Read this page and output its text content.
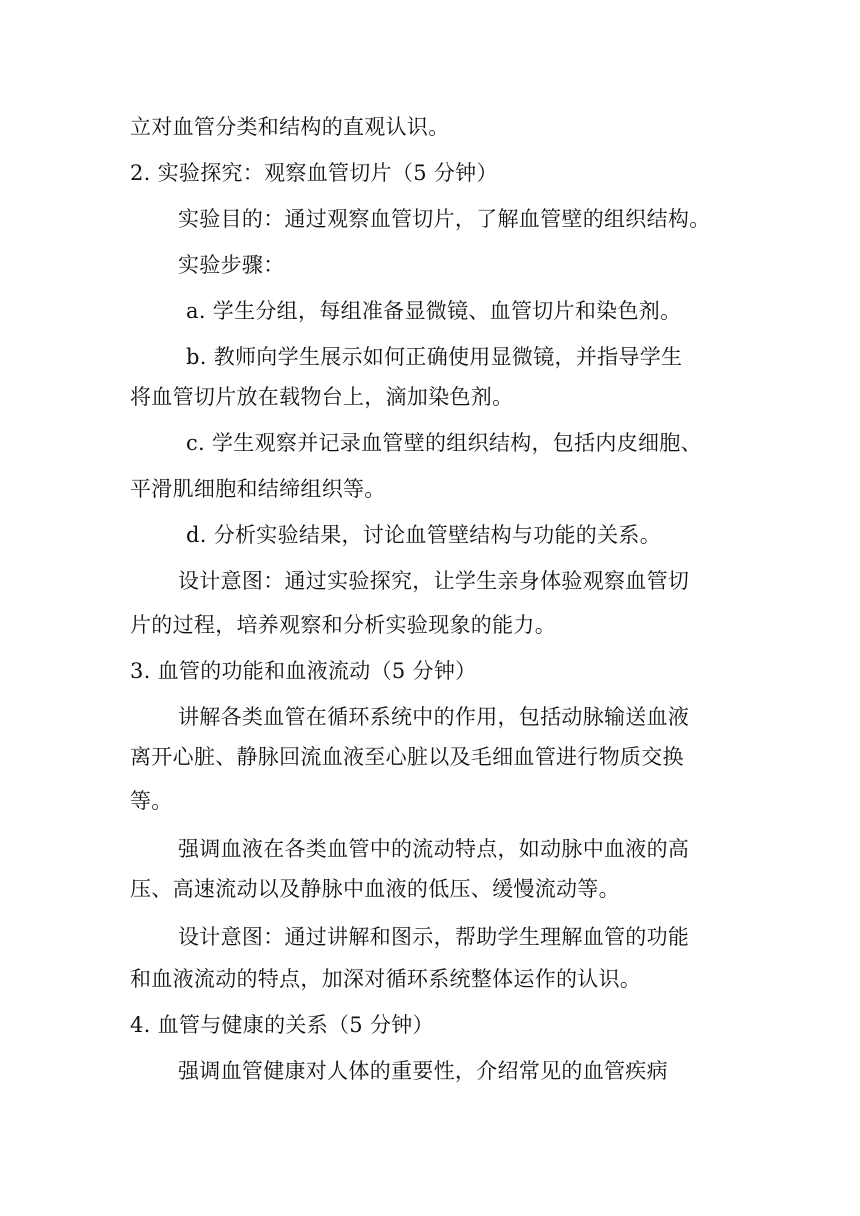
立对血管分类和结构的直观认识。
2. 实验探究：观察血管切片（5 分钟）
实验目的：通过观察血管切片，了解血管壁的组织结构。
实验步骤：
a. 学生分组，每组准备显微镜、血管切片和染色剂。
b. 教师向学生展示如何正确使用显微镜，并指导学生
将血管切片放在载物台上，滴加染色剂。
c. 学生观察并记录血管壁的组织结构，包括内皮细胞、
平滑肌细胞和结缔组织等。
d. 分析实验结果，讨论血管壁结构与功能的关系。
设计意图：通过实验探究，让学生亲身体验观察血管切
片的过程，培养观察和分析实验现象的能力。
3. 血管的功能和血液流动（5 分钟）
讲解各类血管在循环系统中的作用，包括动脉输送血液
离开心脏、静脉回流血液至心脏以及毛细血管进行物质交换
等。
强调血液在各类血管中的流动特点，如动脉中血液的高
压、高速流动以及静脉中血液的低压、缓慢流动等。
设计意图：通过讲解和图示，帮助学生理解血管的功能
和血液流动的特点，加深对循环系统整体运作的认识。
4. 血管与健康的关系（5 分钟）
强调血管健康对人体的重要性，介绍常见的血管疾病
